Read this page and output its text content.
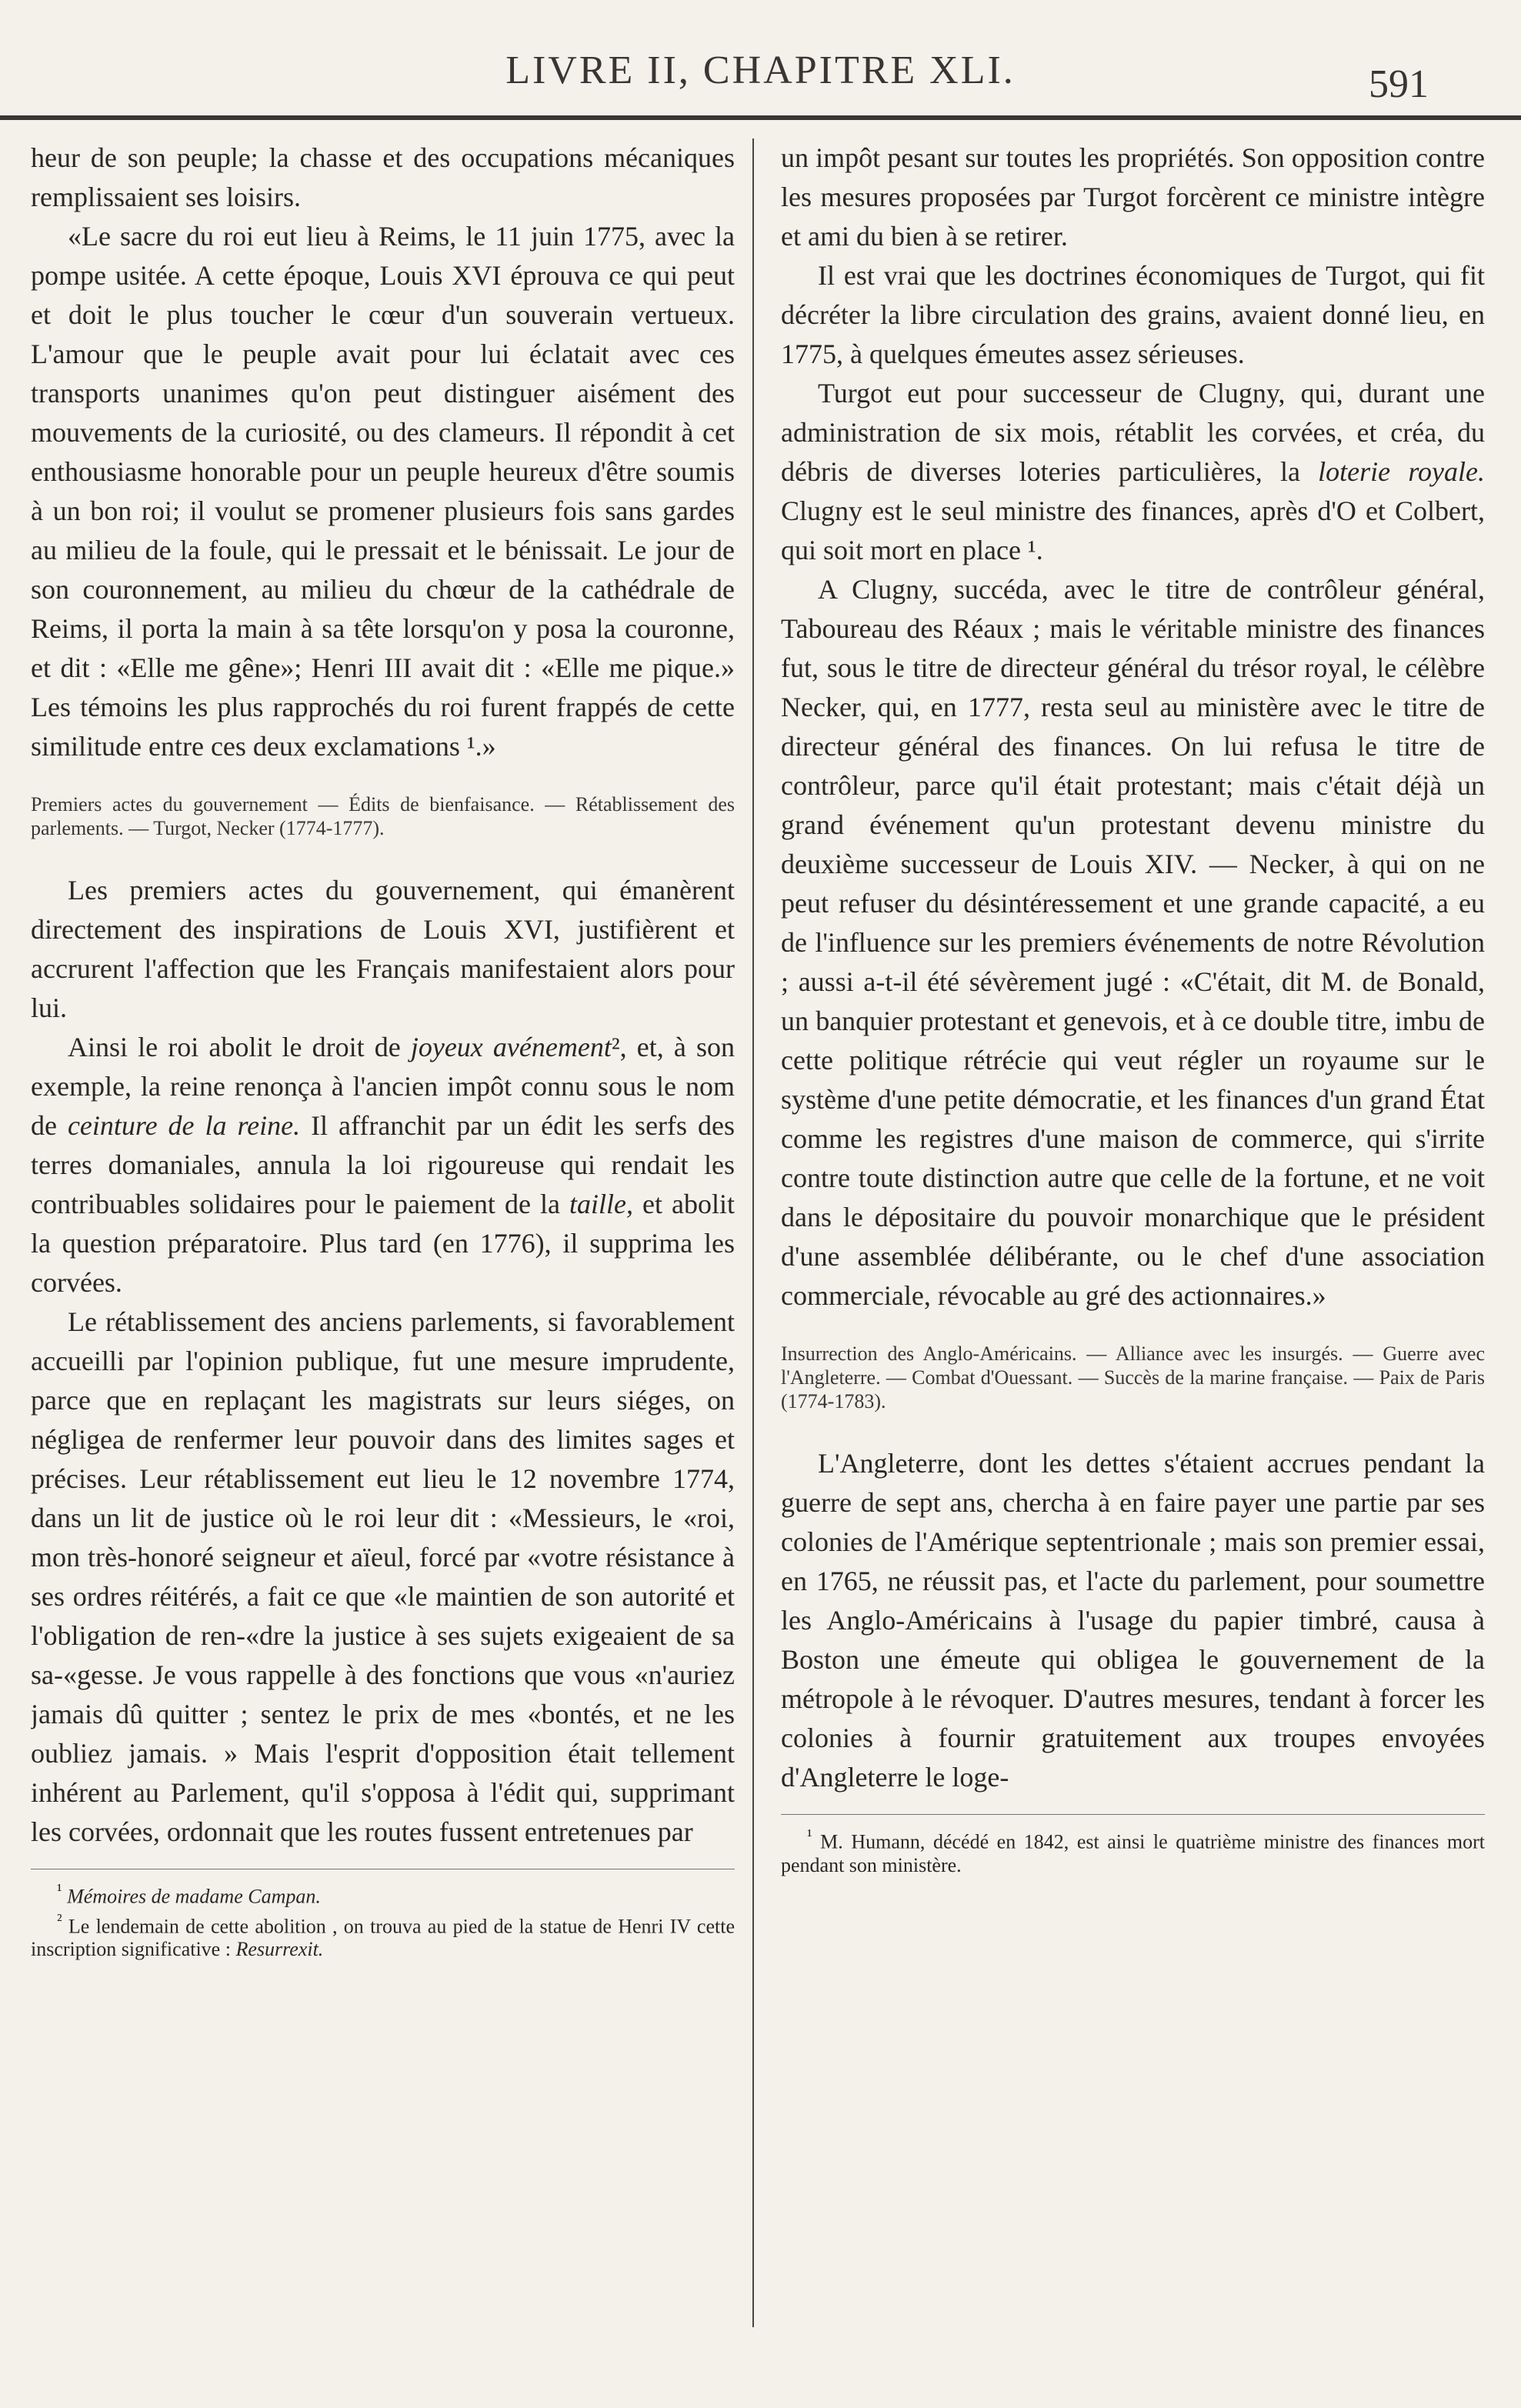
LIVRE II, CHAPITRE XLI.	591

heur de son peuple; la chasse et des occupations mécaniques remplissaient ses loisirs.

«Le sacre du roi eut lieu à Reims, le 11 juin 1775, avec la pompe usitée. A cette époque, Louis XVI éprouva ce qui peut et doit le plus toucher le cœur d'un souverain vertueux. L'amour que le peuple avait pour lui éclatait avec ces transports unanimes qu'on peut distinguer aisément des mouvements de la curiosité, ou des clameurs. Il répondit à cet enthousiasme honorable pour un peuple heureux d'être soumis à un bon roi; il voulut se promener plusieurs fois sans gardes au milieu de la foule, qui le pressait et le bénissait. Le jour de son couronnement, au milieu du chœur de la cathédrale de Reims, il porta la main à sa tête lorsqu'on y posa la couronne, et dit : «Elle me gêne»; Henri III avait dit : «Elle me pique.» Les témoins les plus rapprochés du roi furent frappés de cette similitude entre ces deux exclamations ¹.»

Premiers actes du gouvernement — Édits de bienfaisance. — Rétablissement des parlements. — Turgot, Necker (1774-1777).

Les premiers actes du gouvernement, qui émanèrent directement des inspirations de Louis XVI, justifièrent et accrurent l'affection que les Français manifestaient alors pour lui.

Ainsi le roi abolit le droit de joyeux avénement², et, à son exemple, la reine renonça à l'ancien impôt connu sous le nom de ceinture de la reine. Il affranchit par un édit les serfs des terres domaniales, annula la loi rigoureuse qui rendait les contribuables solidaires pour le paiement de la taille, et abolit la question préparatoire. Plus tard (en 1776), il supprima les corvées.

Le rétablissement des anciens parlements, si favorablement accueilli par l'opinion publique, fut une mesure imprudente, parce que en replaçant les magistrats sur leurs siéges, on négligea de renfermer leur pouvoir dans des limites sages et précises. Leur rétablissement eut lieu le 12 novembre 1774, dans un lit de justice où le roi leur dit : «Messieurs, le «roi, mon très-honoré seigneur et aïeul, forcé par «votre résistance à ses ordres réitérés, a fait ce que «le maintien de son autorité et l'obligation de ren-«dre la justice à ses sujets exigeaient de sa sa-«gesse. Je vous rappelle à des fonctions que vous «n'auriez jamais dû quitter ; sentez le prix de mes «bontés, et ne les oubliez jamais. » Mais l'esprit d'opposition était tellement inhérent au Parlement, qu'il s'opposa à l'édit qui, supprimant les corvées, ordonnait que les routes fussent entretenues par

$^{^1}$ Mémoires de madame Campan.

$^{^2}$ Le lendemain de cette abolition , on trouva au pied de la statue de Henri IV cette inscription significative : Resurrexit.

un impôt pesant sur toutes les propriétés. Son opposition contre les mesures proposées par Turgot forcèrent ce ministre intègre et ami du bien à se retirer.

Il est vrai que les doctrines économiques de Turgot, qui fit décréter la libre circulation des grains, avaient donné lieu, en 1775, à quelques émeutes assez sérieuses.

Turgot eut pour successeur de Clugny, qui, durant une administration de six mois, rétablit les corvées, et créa, du débris de diverses loteries particulières, la loterie royale. Clugny est le seul ministre des finances, après d'O et Colbert, qui soit mort en place ¹.

A Clugny, succéda, avec le titre de contrôleur général, Taboureau des Réaux ; mais le véritable ministre des finances fut, sous le titre de directeur général du trésor royal, le célèbre Necker, qui, en 1777, resta seul au ministère avec le titre de directeur général des finances. On lui refusa le titre de contrôleur, parce qu'il était protestant; mais c'était déjà un grand événement qu'un protestant devenu ministre du deuxième successeur de Louis XIV. — Necker, à qui on ne peut refuser du désintéressement et une grande capacité, a eu de l'influence sur les premiers événements de notre Révolution ; aussi a-t-il été sévèrement jugé : «C'était, dit M. de Bonald, un banquier protestant et genevois, et à ce double titre, imbu de cette politique rétrécie qui veut régler un royaume sur le système d'une petite démocratie, et les finances d'un grand État comme les registres d'une maison de commerce, qui s'irrite contre toute distinction autre que celle de la fortune, et ne voit dans le dépositaire du pouvoir monarchique que le président d'une assemblée délibérante, ou le chef d'une association commerciale, révocable au gré des actionnaires.»

Insurrection des Anglo-Américains. — Alliance avec les insurgés. — Guerre avec l'Angleterre. — Combat d'Ouessant. — Succès de la marine française. — Paix de Paris (1774-1783).

L'Angleterre, dont les dettes s'étaient accrues pendant la guerre de sept ans, chercha à en faire payer une partie par ses colonies de l'Amérique septentrionale ; mais son premier essai, en 1765, ne réussit pas, et l'acte du parlement, pour soumettre les Anglo-Américains à l'usage du papier timbré, causa à Boston une émeute qui obligea le gouvernement de la métropole à le révoquer. D'autres mesures, tendant à forcer les colonies à fournir gratuitement aux troupes envoyées d'Angleterre le loge-

$^{^1}$ M. Humann, décédé en 1842, est ainsi le quatrième ministre des finances mort pendant son ministère.
